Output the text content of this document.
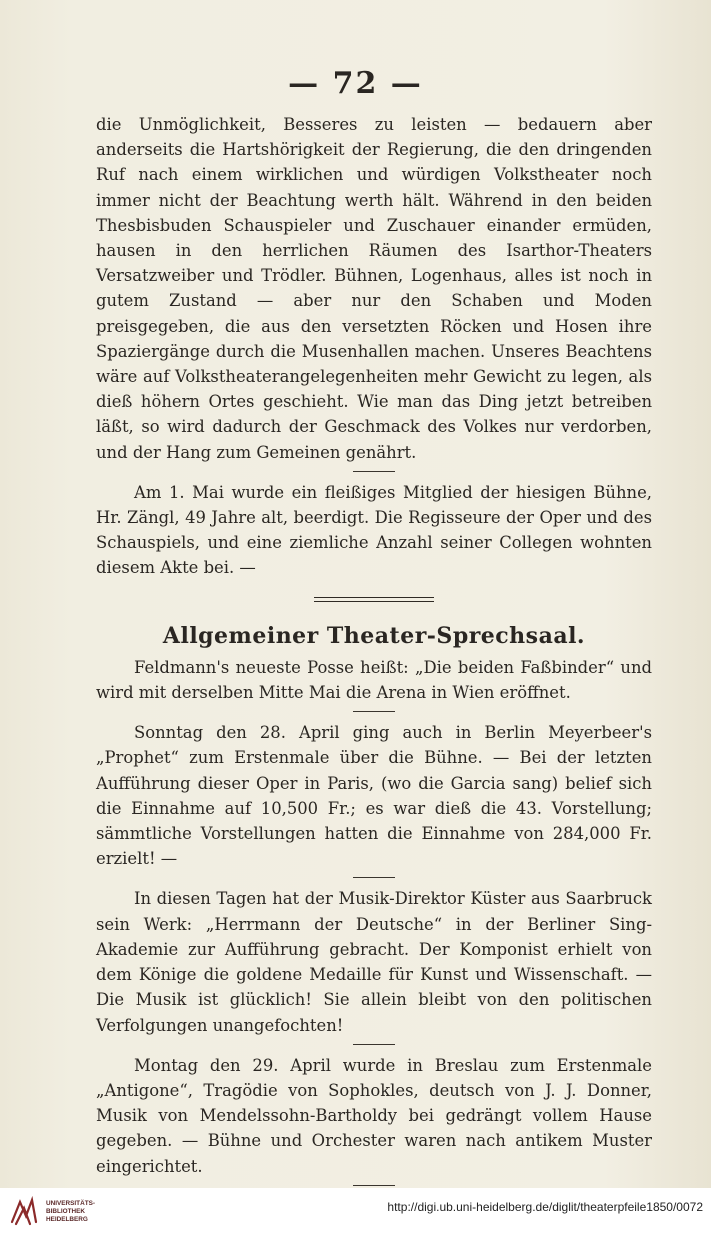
— 72 —

die Unmöglichkeit, Besseres zu leisten — bedauern aber anderseits die Hartshörigkeit der Regierung, die den dringenden Ruf nach einem wirklichen und würdigen Volkstheater noch immer nicht der Beachtung werth hält. Während in den beiden Thesbisbuden Schauspieler und Zuschauer einander ermüden, hausen in den herrlichen Räumen des Isarthor-Theaters Versatzweiber und Trödler. Bühnen, Logenhaus, alles ist noch in gutem Zustand — aber nur den Schaben und Moden preisgegeben, die aus den versetzten Röcken und Hosen ihre Spaziergänge durch die Musenhallen machen. Unseres Beachtens wäre auf Volkstheaterangelegenheiten mehr Gewicht zu legen, als dieß höhern Ortes geschieht. Wie man das Ding jetzt betreiben läßt, so wird dadurch der Geschmack des Volkes nur verdorben, und der Hang zum Gemeinen genährt.

Am 1. Mai wurde ein fleißiges Mitglied der hiesigen Bühne, Hr. Zängl, 49 Jahre alt, beerdigt. Die Regisseure der Oper und des Schauspiels, und eine ziemliche Anzahl seiner Collegen wohnten diesem Akte bei. —

Allgemeiner Theater-Sprechsaal.

Feldmann's neueste Posse heißt: „Die beiden Faßbinder“ und wird mit derselben Mitte Mai die Arena in Wien eröffnet.

Sonntag den 28. April ging auch in Berlin Meyerbeer's „Prophet“ zum Erstenmale über die Bühne. — Bei der letzten Aufführung dieser Oper in Paris, (wo die Garcia sang) belief sich die Einnahme auf 10,500 Fr.; es war dieß die 43. Vorstellung; sämmtliche Vorstellungen hatten die Einnahme von 284,000 Fr. erzielt! —

In diesen Tagen hat der Musik-Direktor Küster aus Saarbruck sein Werk: „Herrmann der Deutsche“ in der Berliner Sing-Akademie zur Aufführung gebracht. Der Komponist erhielt von dem Könige die goldene Medaille für Kunst und Wissenschaft. — Die Musik ist glücklich! Sie allein bleibt von den politischen Verfolgungen unangefochten!

Montag den 29. April wurde in Breslau zum Erstenmale „Antigone“, Tragödie von Sophokles, deutsch von J. J. Donner, Musik von Mendelssohn-Bartholdy bei gedrängt vollem Hause gegeben. — Bühne und Orchester waren nach antikem Muster eingerichtet.

UNIVERSITÄTS-
BIBLIOTHEK
HEIDELBERG
http://digi.ub.uni-heidelberg.de/diglit/theaterpfeile1850/0072
